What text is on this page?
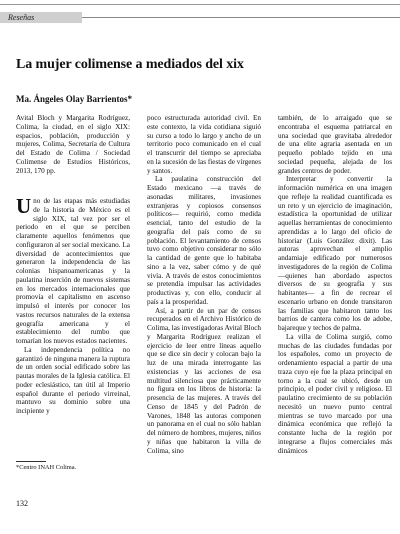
Reseñas
La mujer colimense a mediados del xix
Ma. Ángeles Olay Barrientos*

Avital Bloch y Margarita Rodríguez, Colima, la ciudad, en el siglo XIX: espacios, población, producción y mujeres, Colima, Secretaría de Cultura del Estado de Colima / Sociedad Colimense de Estudios Históricos, 2013, 170 pp.

U no de las etapas más estudiadas de la historia de México es el siglo XIX, tal vez por ser el periodo en el que se perciben claramente aquellos fenómenos que configuraron al ser social mexicano. La diversidad de acontecimientos que generaron la independencia de las colonias hispanoamericanas y la paulatina inserción de nuevos sistemas en los mercados internacionales que promovía el capitalismo en ascenso impulsó el interés por conocer los vastos recursos naturales de la extensa geografía americana y el establecimiento del rumbo que tomarían los nuevos estados nacientes.

La independencia política no garantizó de ninguna manera la ruptura de un orden social edificado sobre las pautas morales de la Iglesia católica. El poder eclesiástico, tan útil al Imperio español durante el periodo virreinal, mantuvo su dominio sobre una incipiente y

poco estructurada autoridad civil. En este contexto, la vida cotidiana siguió su curso a todo lo largo y ancho de un territorio poco comunicado en el cual el transcurrir del tiempo se apreciaba en la sucesión de las fiestas de vírgenes y santos.

La paulatina construcción del Estado mexicano —a través de asonadas militares, invasiones extranjeras y copiosos consensos políticos— requirió, como medida esencial, tanto del estudio de la geografía del país como de su población. El levantamiento de censos tuvo como objetivo considerar no sólo la cantidad de gente que lo habitaba sino a la vez, saber cómo y de qué vivía. A través de estos conocimientos se pretendía impulsar las actividades productivas y, con ello, conducir al país a la prosperidad.

Así, a partir de un par de censos recuperados en el Archivo Histórico de Colima, las investigadoras Avital Bloch y Margarita Rodríguez realizan el ejercicio de leer entre líneas aquello que se dice sin decir y colocan bajo la luz de una mirada interrogante las existencias y las acciones de esa multitud silenciosa que prácticamente no figura en los libros de historia: la presencia de las mujeres. A través del Censo de 1845 y del Padrón de Varones, 1848 las autoras componen un panorama en el cual no sólo hablan del número de hombres, mujeres, niños y niñas que habitaron la villa de Colima, sino

también, de lo arraigado que se encontraba el esquema patriarcal en una sociedad que gravitaba alrededor de una elite agraria asentada en un pequeño poblado tejido en una sociedad pequeña, alejada de los grandes centros de poder.

Interpretar y convertir la información numérica en una imagen que refleje la realidad cuantificada es un reto y un ejercicio de imaginación, estadística la oportunidad de utilizar aquellas herramientas de conocimiento aprendidas a lo largo del oficio de historiar (Luis González dixit). Las autoras aprovechan el amplio andamiaje edificado por numerosos investigadores de la región de Colima —quienes han abordado aspectos diversos de su geografía y sus habitantes— a fin de recrear el escenario urbano en donde transitaron las familias que habitaron tanto los barrios de cantera como los de adobe, bajareque y techos de palma.

La villa de Colima surgió, como muchas de las ciudades fundadas por los españoles, como un proyecto de ordenamiento espacial a partir de una traza cuyo eje fue la plaza principal en torno a la cual se ubicó, desde un principio, el poder civil y religioso. El paulatino crecimiento de su población necesitó un nuevo punto central mientras se tuvo marcado por una dinámica económica que reflejó la constante lucha de la región por integrarse a flujos comerciales más dinámicos

*Centro INAH Colima.
132
